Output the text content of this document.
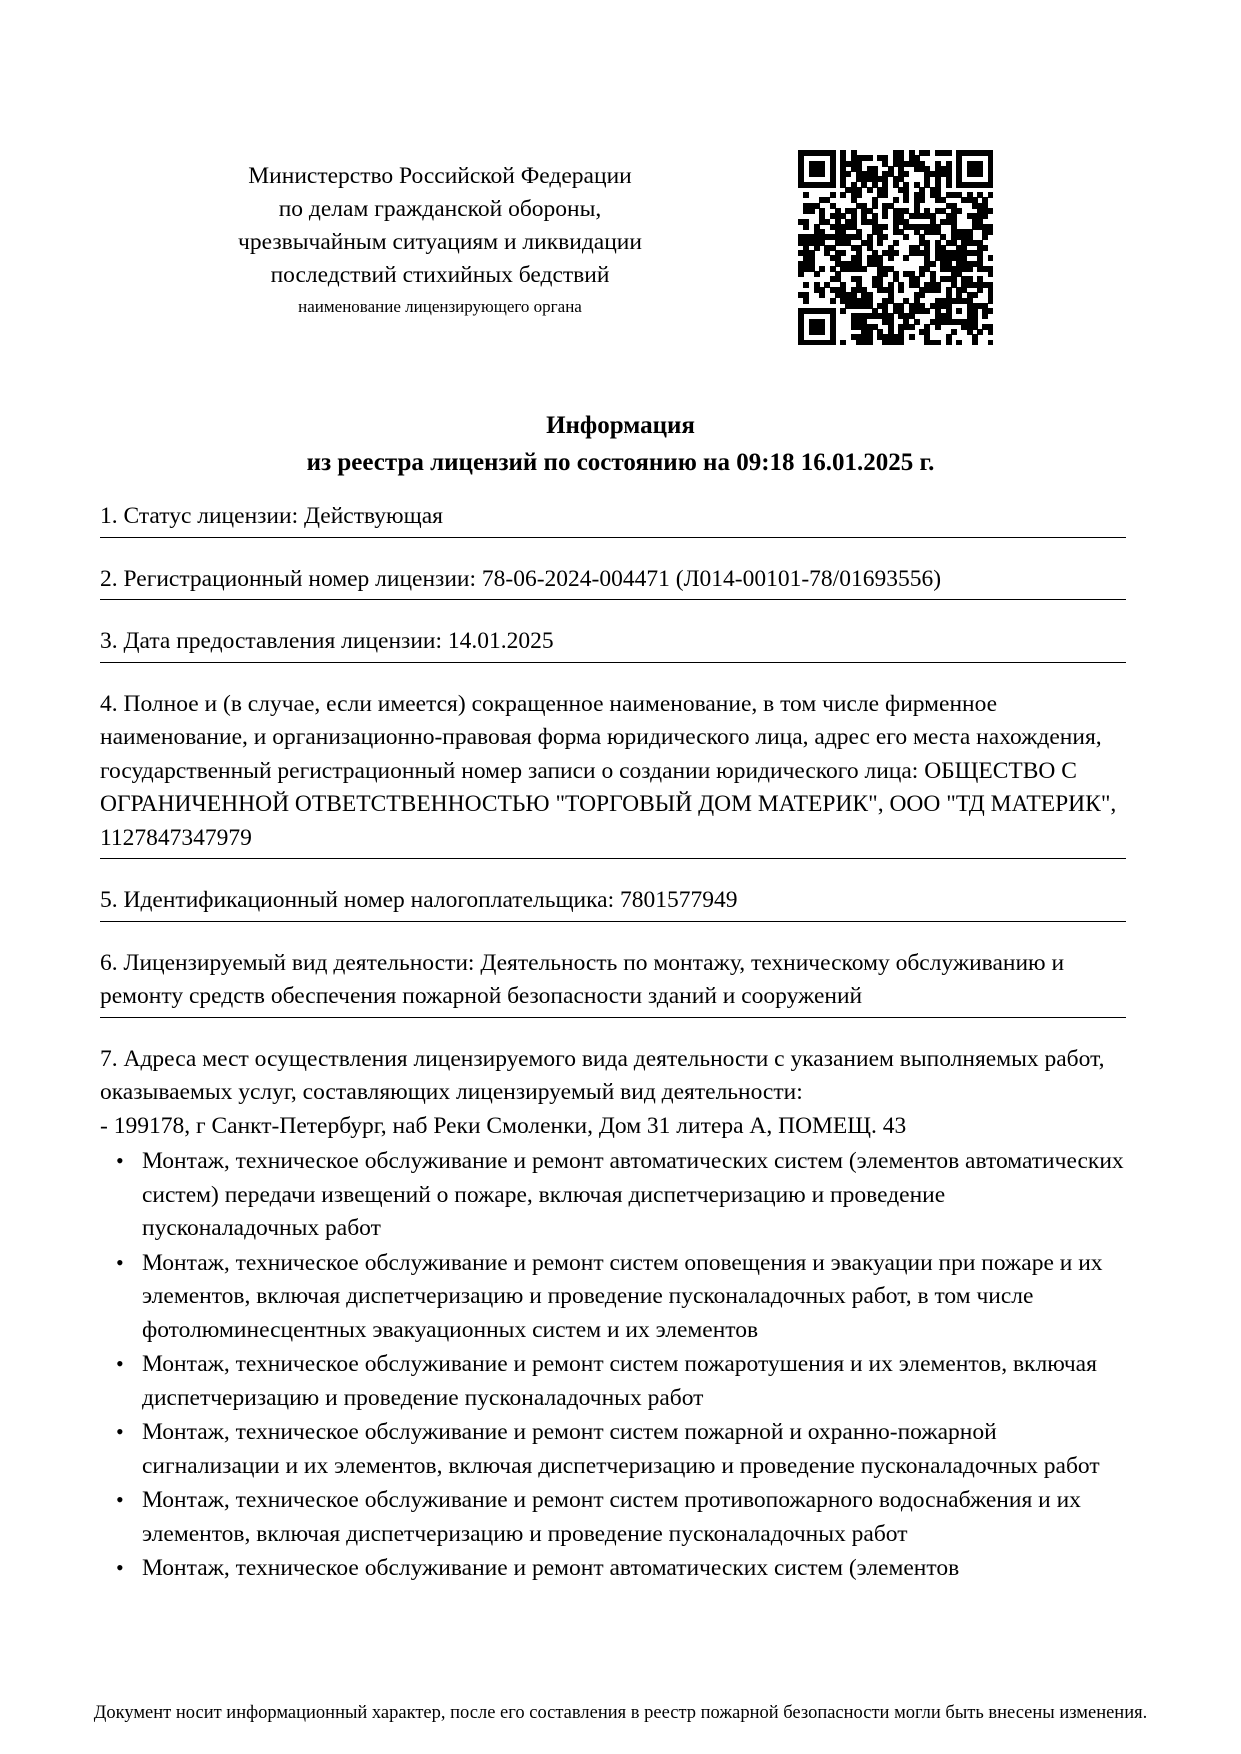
Министерство Российской Федерации
по делам гражданской обороны,
чрезвычайным ситуациям и ликвидации
последствий стихийных бедствий
наименование лицензирующего органа
Информация
из реестра лицензий по состоянию на 09:18 16.01.2025 г.

1. Статус лицензии: Действующая

2. Регистрационный номер лицензии: 78-06-2024-004471 (Л014-00101-78/01693556)

3. Дата предоставления лицензии: 14.01.2025

4. Полное и (в случае, если имеется) сокращенное наименование, в том числе фирменное наименование, и организационно-правовая форма юридического лица, адрес его места нахождения, государственный регистрационный номер записи о создании юридического лица: ОБЩЕСТВО С ОГРАНИЧЕННОЙ ОТВЕТСТВЕННОСТЬЮ "ТОРГОВЫЙ ДОМ МАТЕРИК", ООО "ТД МАТЕРИК", 1127847347979

5. Идентификационный номер налогоплательщика: 7801577949

6. Лицензируемый вид деятельности: Деятельность по монтажу, техническому обслуживанию и ремонту средств обеспечения пожарной безопасности зданий и сооружений

7. Адреса мест осуществления лицензируемого вида деятельности с указанием выполняемых работ, оказываемых услуг, составляющих лицензируемый вид деятельности:

- 199178, г Санкт-Петербург, наб Реки Смоленки, Дом 31 литера А, ПОМЕЩ. 43

• Монтаж, техническое обслуживание и ремонт автоматических систем (элементов автоматических систем) передачи извещений о пожаре, включая диспетчеризацию и проведение пусконаладочных работ
• Монтаж, техническое обслуживание и ремонт систем оповещения и эвакуации при пожаре и их элементов, включая диспетчеризацию и проведение пусконаладочных работ, в том числе фотолюминесцентных эвакуационных систем и их элементов
• Монтаж, техническое обслуживание и ремонт систем пожаротушения и их элементов, включая диспетчеризацию и проведение пусконаладочных работ
• Монтаж, техническое обслуживание и ремонт систем пожарной и охранно-пожарной сигнализации и их элементов, включая диспетчеризацию и проведение пусконаладочных работ
• Монтаж, техническое обслуживание и ремонт систем противопожарного водоснабжения и их элементов, включая диспетчеризацию и проведение пусконаладочных работ
• Монтаж, техническое обслуживание и ремонт автоматических систем (элементов
Документ носит информационный характер, после его составления в реестр пожарной безопасности могли быть внесены изменения.
